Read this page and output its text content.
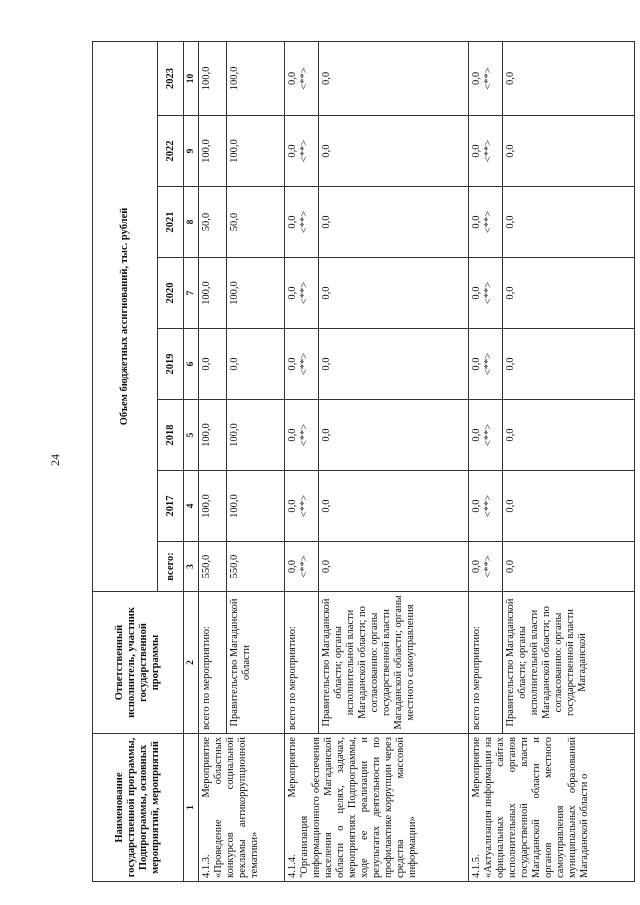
24
Наименование государственной программы, Подпрограммы, основных мероприятий, мероприятий	Ответственный исполнитель, участник государственной программы	Объем бюджетных ассигнований, тыс. рублей							
		всего:	2017	2018	2019	2020	2021	2022	2023
1	2	3	4	5	6	7	8	9	10
4.1.3. Мероприятие «Проведение областных конкурсов социальной рекламы антикоррупционной тематики»	всего по мероприятию:	550,0	100,0	100,0	0,0	100,0	50,0	100,0	100,0

	Правительство Магаданской области	550,0	100,0	100,0	0,0	100,0	50,0	100,0	100,0

4.1.4. Мероприятие "Организация информационного обеспечения населения Магаданской области о целях, задачах, мероприятиях Подпрограммы, ходе ее реализации и результатах деятельности по профилактике коррупции через средства массовой информации»	всего по мероприятию:	0,0 <**>	0,0 <**>	0,0 <**>	0,0 <**>	0,0 <**>	0,0 <**>	0,0 <**>	0,0 <**>

	Правительство Магаданской области; органы исполнительной власти Магаданской области; по согласованию: органы государственной власти Магаданской области; органы местного самоуправления	0,0	0,0	0,0	0,0	0,0	0,0	0,0	0,0

4.1.5. Мероприятие «Актуализация информации на официальных сайтах исполнительных органов государственной власти Магаданской области и органов местного самоуправления муниципальных образований Магаданской области о	всего по мероприятию:	0,0 <**>	0,0 <**>	0,0 <**>	0,0 <**>	0,0 <**>	0,0 <**>	0,0 <**>	0,0 <**>

	Правительство Магаданской области; органы исполнительной власти Магаданской области; по согласованию: органы государственной власти Магаданской	0,0	0,0	0,0	0,0	0,0	0,0	0,0	0,0
